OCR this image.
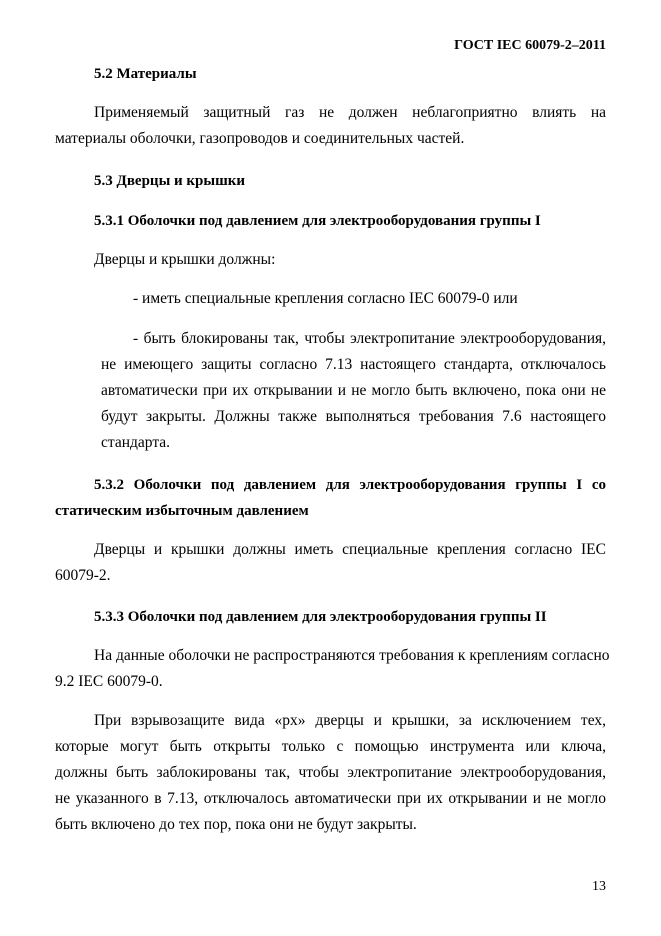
ГОСТ IEC 60079-2–2011
5.2 Материалы
Применяемый защитный газ не должен неблагоприятно влиять на
материалы оболочки, газопроводов и соединительных частей.
5.3 Дверцы и крышки
5.3.1 Оболочки под давлением для электрооборудования группы I
Дверцы и крышки должны:
- иметь специальные крепления согласно IEC 60079-0 или
- быть блокированы так, чтобы электропитание электрооборудования,
не имеющего защиты согласно 7.13 настоящего стандарта, отключалось
автоматически при их открывании и не могло быть включено, пока они не
будут закрыты. Должны также выполняться требования 7.6 настоящего
стандарта.
5.3.2 Оболочки под давлением для электрооборудования группы I со
статическим избыточным давлением
Дверцы и крышки должны иметь специальные крепления согласно IEC
60079-2.
5.3.3 Оболочки под давлением для электрооборудования группы II
На данные оболочки не распространяются требования к креплениям согласно
9.2 IEC 60079-0.
При взрывозащите вида «px» дверцы и крышки, за исключением тех,
которые могут быть открыты только с помощью инструмента или ключа,
должны быть заблокированы так, чтобы электропитание электрооборудования,
не указанного в 7.13, отключалось автоматически при их открывании и не могло
быть включено до тех пор, пока они не будут закрыты.
13
